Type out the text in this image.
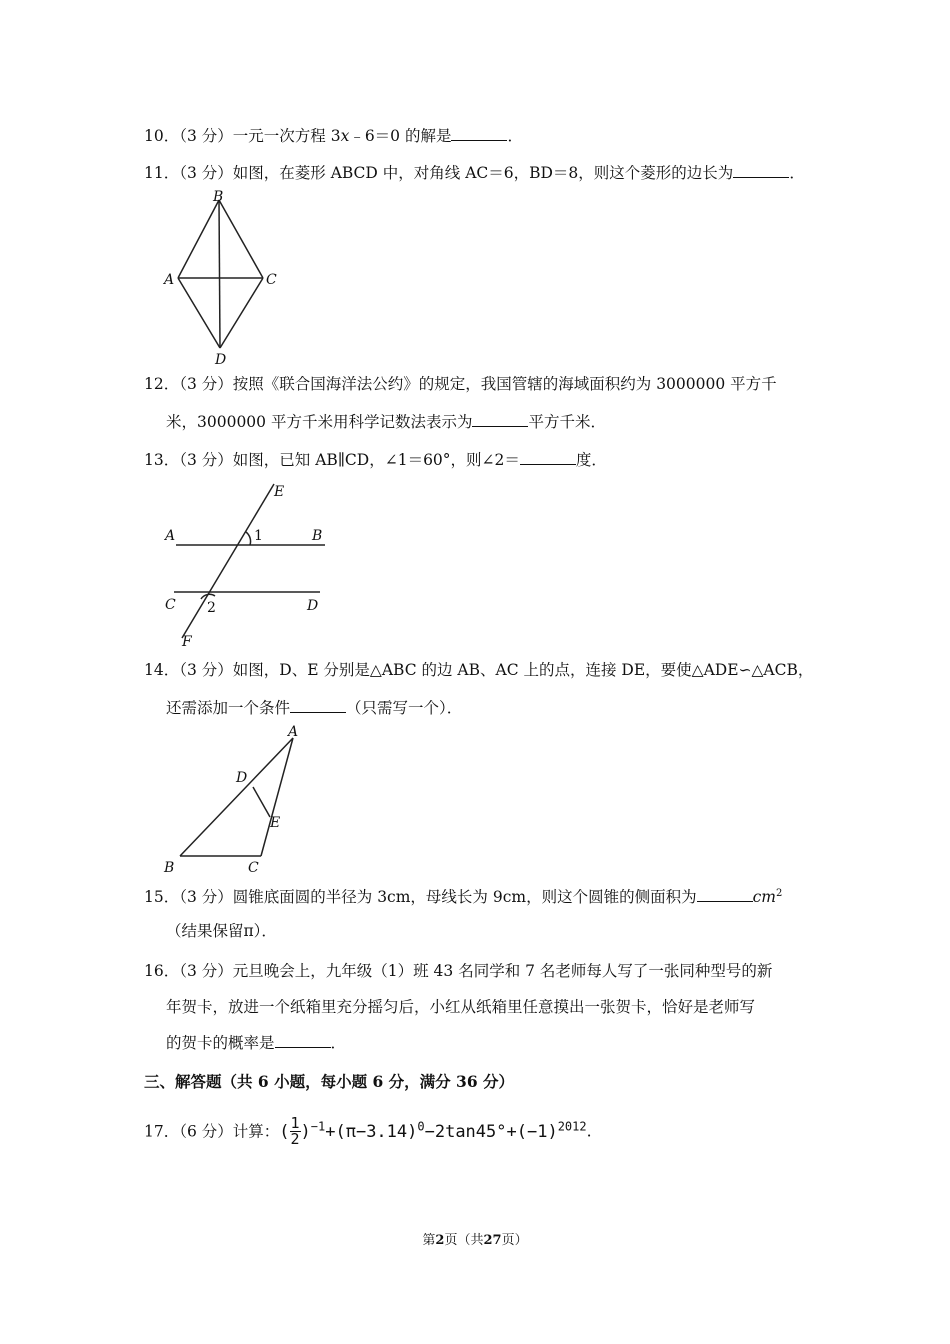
10．（3 分）一元一次方程 3x﹣6＝0 的解是	．
11．（3 分）如图，在菱形 ABCD 中，对角线 AC＝6，BD＝8，则这个菱形的边长为	．
B
A	C
D
12．（3 分）按照《联合国海洋法公约》的规定，我国管辖的海域面积约为 3000000 平方千
米，3000000 平方千米用科学记数法表示为	平方千米．
13．（3 分）如图，已知 AB∥CD，∠1＝60°，则∠2＝	度．
E
A	1	B
C 2	D
F
14．（3 分）如图，D、E 分别是△ABC 的边 AB、AC 上的点，连接 DE，要使△ADE∽△ACB，
还需添加一个条件	（只需写一个）．
A
D
E
B	C
15．（3 分）圆锥底面圆的半径为 3cm，母线长为 9cm，则这个圆锥的侧面积为	$cm^2$
（结果保留π）．
16．（3 分）元旦晚会上，九年级（1）班 43 名同学和 7 名老师每人写了一张同种型号的新
年贺卡，放进一个纸箱里充分摇匀后，小红从纸箱里任意摸出一张贺卡，恰好是老师写
的贺卡的概率是	．
三、解答题（共 6 小题，每小题 6 分，满分 36 分）
17．（6 分）计算：( $\frac{1}{2} )^{-1}+(\pi-3.14)^0-2\tan 45^\circ+(-1)^{2012}$.
第2页（共27页）
